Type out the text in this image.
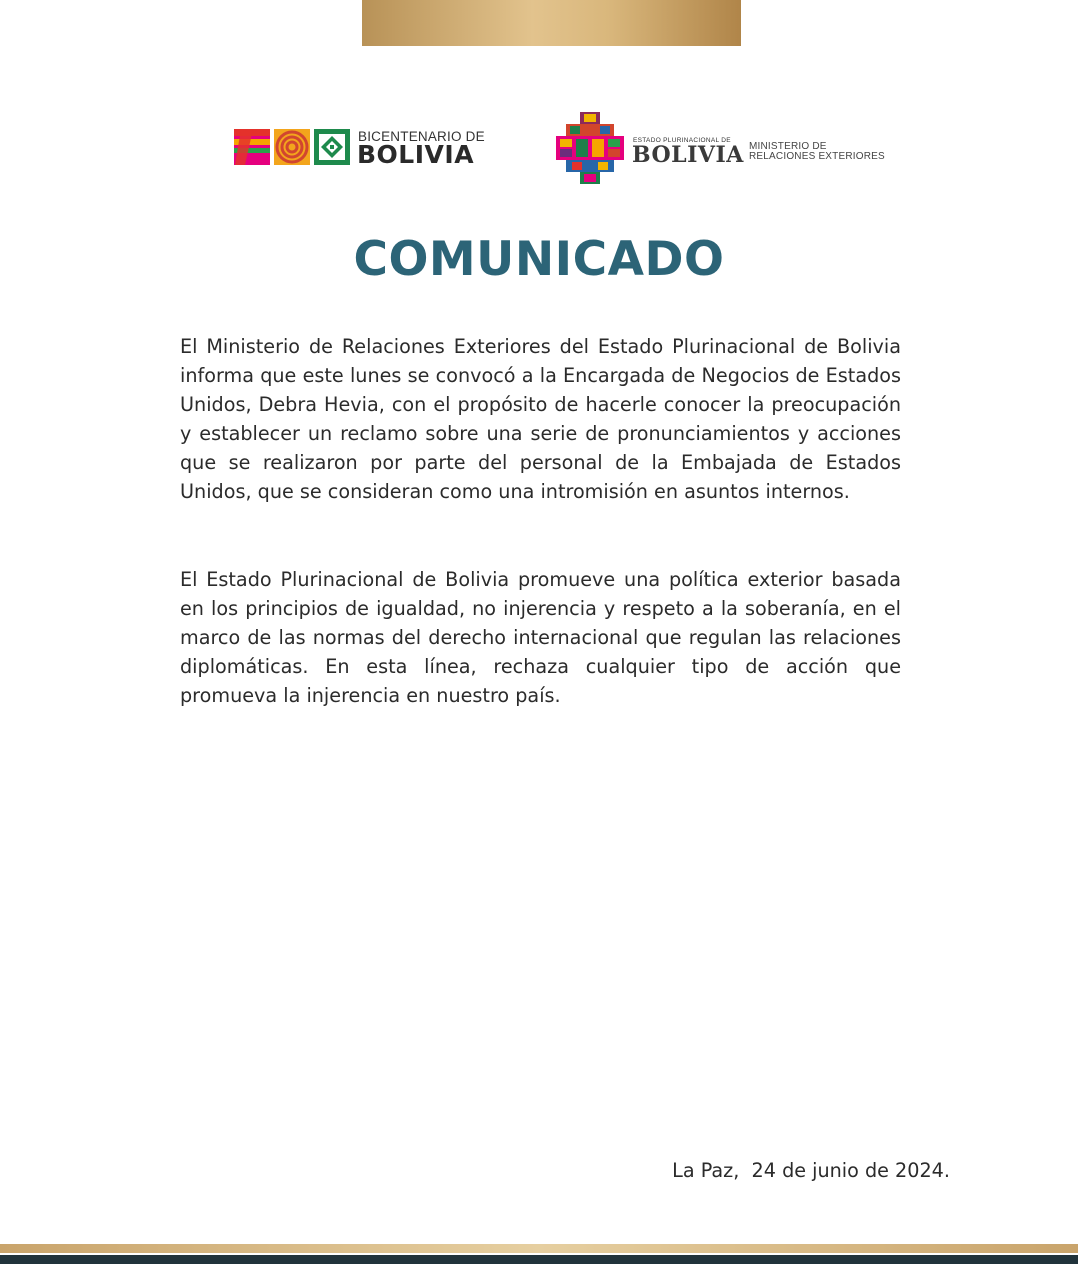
BICENTENARIO DE
BOLIVIA	ESTADO PLURINACIONAL DE
BOLIVIA MINISTERIO DE
RELACIONES EXTERIORES
COMUNICADO

El Ministerio de Relaciones Exteriores del Estado Plurinacional de Bolivia informa que este lunes se convocó a la Encargada de Negocios de Estados Unidos, Debra Hevia, con el propósito de hacerle conocer la preocupación y establecer un reclamo sobre una serie de pronunciamientos y acciones que se realizaron por parte del personal de la Embajada de Estados Unidos, que se consideran como una intromisión en asuntos internos.

El Estado Plurinacional de Bolivia promueve una política exterior basada en los principios de igualdad, no injerencia y respeto a la soberanía, en el marco de las normas del derecho internacional que regulan las relaciones diplomáticas. En esta línea, rechaza cualquier tipo de acción que promueva la injerencia en nuestro país.

La Paz,  24 de junio de 2024.
